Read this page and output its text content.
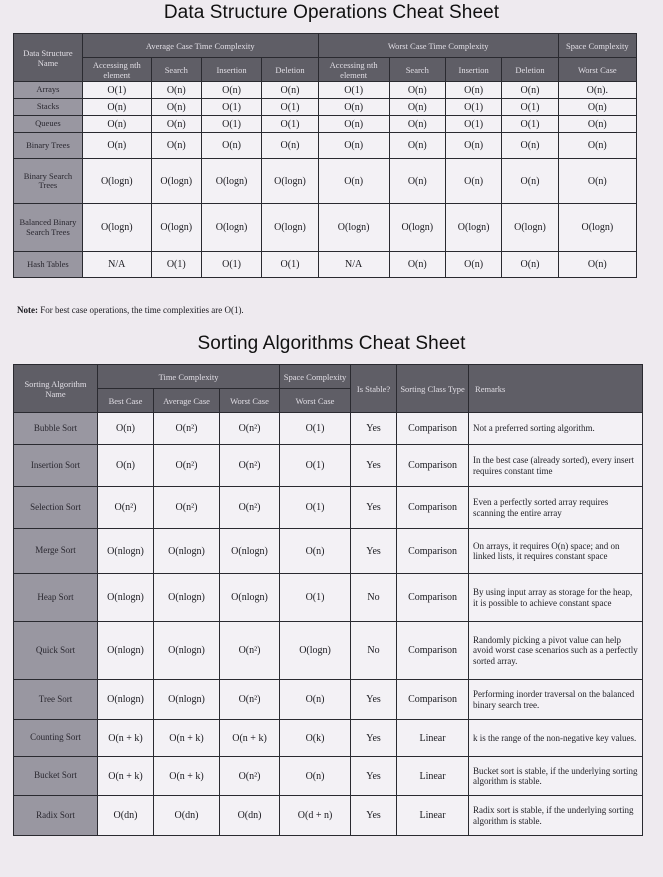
Data Structure Operations Cheat Sheet
Data Structure Name	Average Case Time Complexity				Worst Case Time Complexity				Space Complexity
	Accessing nth element	Search	Insertion	Deletion	Accessing nth element	Search	Insertion	Deletion	Worst Case
Arrays	O(1)	O(n)	O(n)	O(n)	O(1)	O(n)	O(n)	O(n)	O(n).
Stacks	O(n)	O(n)	O(1)	O(1)	O(n)	O(n)	O(1)	O(1)	O(n)
Queues	O(n)	O(n)	O(1)	O(1)	O(n)	O(n)	O(1)	O(1)	O(n)
Binary Trees	O(n)	O(n)	O(n)	O(n)	O(n)	O(n)	O(n)	O(n)	O(n)
Binary Search Trees	O(logn)	O(logn)	O(logn)	O(logn)	O(n)	O(n)	O(n)	O(n)	O(n)
Balanced Binary Search Trees	O(logn)	O(logn)	O(logn)	O(logn)	O(logn)	O(logn)	O(logn)	O(logn)	O(logn)
Hash Tables	N/A	O(1)	O(1)	O(1)	N/A	O(n)	O(n)	O(n)	O(n)
Note: For best case operations, the time complexities are O(1).
Sorting Algorithms Cheat Sheet
Sorting Algorithm Name	Time Complexity			Space Complexity	Is Stable?	Sorting Class Type	Remarks
	Best Case	Average Case	Worst Case	Worst Case			
Bubble Sort	O(n)	O(n²)	O(n²)	O(1)	Yes	Comparison	Not a preferred sorting algorithm.
Insertion Sort	O(n)	O(n²)	O(n²)	O(1)	Yes	Comparison	In the best case (already sorted), every insert requires constant time
Selection Sort	O(n²)	O(n²)	O(n²)	O(1)	Yes	Comparison	Even a perfectly sorted array requires scanning the entire array
Merge Sort	O(nlogn)	O(nlogn)	O(nlogn)	O(n)	Yes	Comparison	On arrays, it requires O(n) space; and on linked lists, it requires constant space
Heap Sort	O(nlogn)	O(nlogn)	O(nlogn)	O(1)	No	Comparison	By using input array as storage for the heap, it is possible to achieve constant space
Quick Sort	O(nlogn)	O(nlogn)	O(n²)	O(logn)	No	Comparison	Randomly picking a pivot value can help avoid worst case scenarios such as a perfectly sorted array.
Tree Sort	O(nlogn)	O(nlogn)	O(n²)	O(n)	Yes	Comparison	Performing inorder traversal on the balanced binary search tree.
Counting Sort	O(n + k)	O(n + k)	O(n + k)	O(k)	Yes	Linear	k is the range of the non-negative key values.
Bucket Sort	O(n + k)	O(n + k)	O(n²)	O(n)	Yes	Linear	Bucket sort is stable, if the underlying sorting algorithm is stable.
Radix Sort	O(dn)	O(dn)	O(dn)	O(d + n)	Yes	Linear	Radix sort is stable, if the underlying sorting algorithm is stable.
